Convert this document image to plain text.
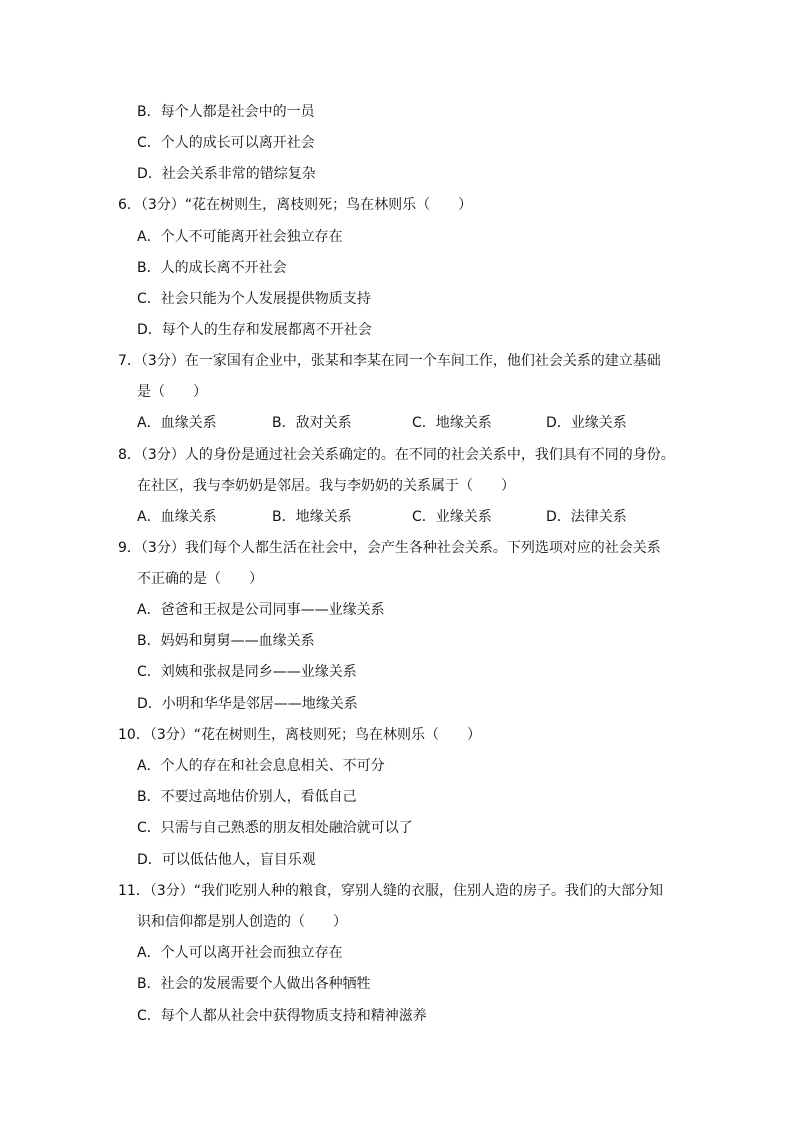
B．每个人都是社会中的一员
C．个人的成长可以离开社会
D．社会关系非常的错综复杂
6．（3分）“花在树则生，离枝则死；鸟在林则乐（　　）
A．个人不可能离开社会独立存在
B．人的成长离不开社会
C．社会只能为个人发展提供物质支持
D．每个人的生存和发展都离不开社会
7．（3分）在一家国有企业中，张某和李某在同一个车间工作，他们社会关系的建立基础
是（　　）
A．血缘关系	B．敌对关系	C．地缘关系	D．业缘关系
8．（3分）人的身份是通过社会关系确定的。在不同的社会关系中，我们具有不同的身份。
在社区，我与李奶奶是邻居。我与李奶奶的关系属于（　　）
A．血缘关系	B．地缘关系	C．业缘关系	D．法律关系
9．（3分）我们每个人都生活在社会中，会产生各种社会关系。下列选项对应的社会关系
不正确的是（　　）
A．爸爸和王叔是公司同事——业缘关系
B．妈妈和舅舅——血缘关系
C．刘姨和张叔是同乡——业缘关系
D．小明和华华是邻居——地缘关系
10．（3分）“花在树则生，离枝则死；鸟在林则乐（　　）
A．个人的存在和社会息息相关、不可分
B．不要过高地估价别人，看低自己
C．只需与自己熟悉的朋友相处融洽就可以了
D．可以低估他人，盲目乐观
11．（3分）“我们吃别人种的粮食，穿别人缝的衣服，住别人造的房子。我们的大部分知
识和信仰都是别人创造的（　　）
A．个人可以离开社会而独立存在
B．社会的发展需要个人做出各种牺牲
C．每个人都从社会中获得物质支持和精神滋养
